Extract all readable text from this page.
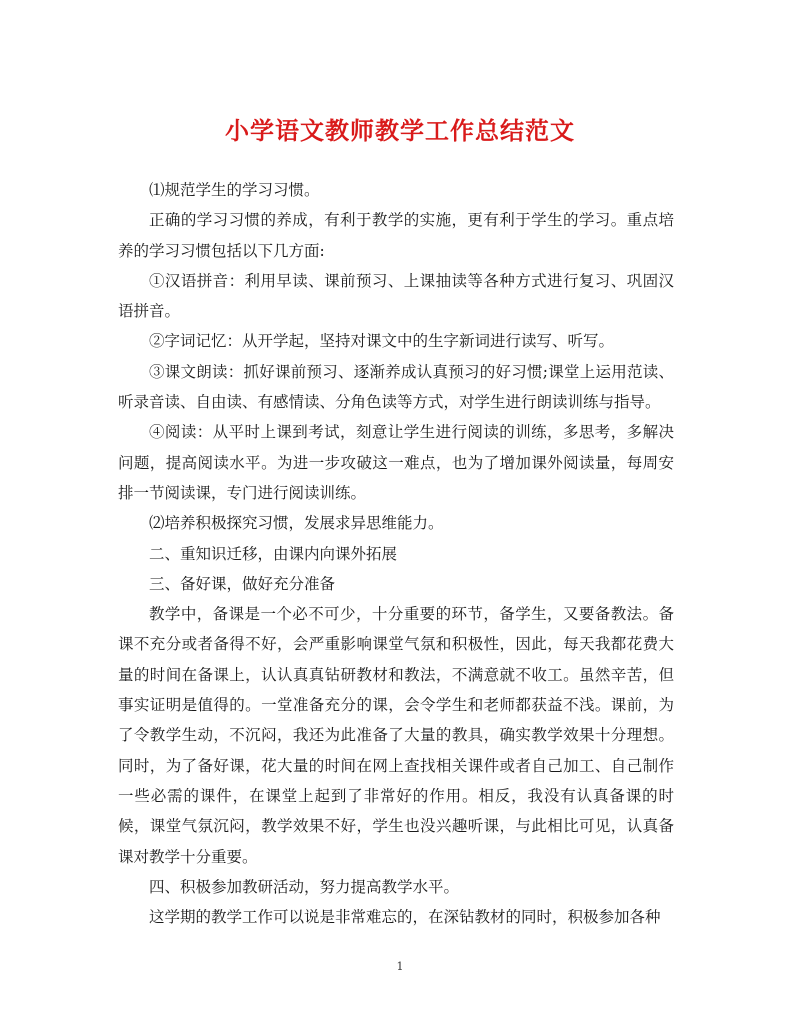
小学语文教师教学工作总结范文

⑴规范学生的学习习惯。

正确的学习习惯的养成，有利于教学的实施，更有利于学生的学习。重点培养的学习习惯包括以下几方面:

①汉语拼音：利用早读、课前预习、上课抽读等各种方式进行复习、巩固汉语拼音。

②字词记忆：从开学起，坚持对课文中的生字新词进行读写、听写。

③课文朗读：抓好课前预习、逐渐养成认真预习的好习惯;课堂上运用范读、听录音读、自由读、有感情读、分角色读等方式，对学生进行朗读训练与指导。

④阅读：从平时上课到考试，刻意让学生进行阅读的训练，多思考，多解决问题，提高阅读水平。为进一步攻破这一难点，也为了增加课外阅读量，每周安排一节阅读课，专门进行阅读训练。

⑵培养积极探究习惯，发展求异思维能力。

二、重知识迁移，由课内向课外拓展

三、备好课，做好充分准备

教学中，备课是一个必不可少，十分重要的环节，备学生，又要备教法。备课不充分或者备得不好，会严重影响课堂气氛和积极性，因此，每天我都花费大量的时间在备课上，认认真真钻研教材和教法，不满意就不收工。虽然辛苦，但事实证明是值得的。一堂准备充分的课，会令学生和老师都获益不浅。课前，为了令教学生动，不沉闷，我还为此准备了大量的教具，确实教学效果十分理想。同时，为了备好课，花大量的时间在网上查找相关课件或者自己加工、自己制作一些必需的课件，在课堂上起到了非常好的作用。相反，我没有认真备课的时候，课堂气氛沉闷，教学效果不好，学生也没兴趣听课，与此相比可见，认真备课对教学十分重要。

四、积极参加教研活动，努力提高教学水平。

这学期的教学工作可以说是非常难忘的，在深钻教材的同时，积极参加各种

1
